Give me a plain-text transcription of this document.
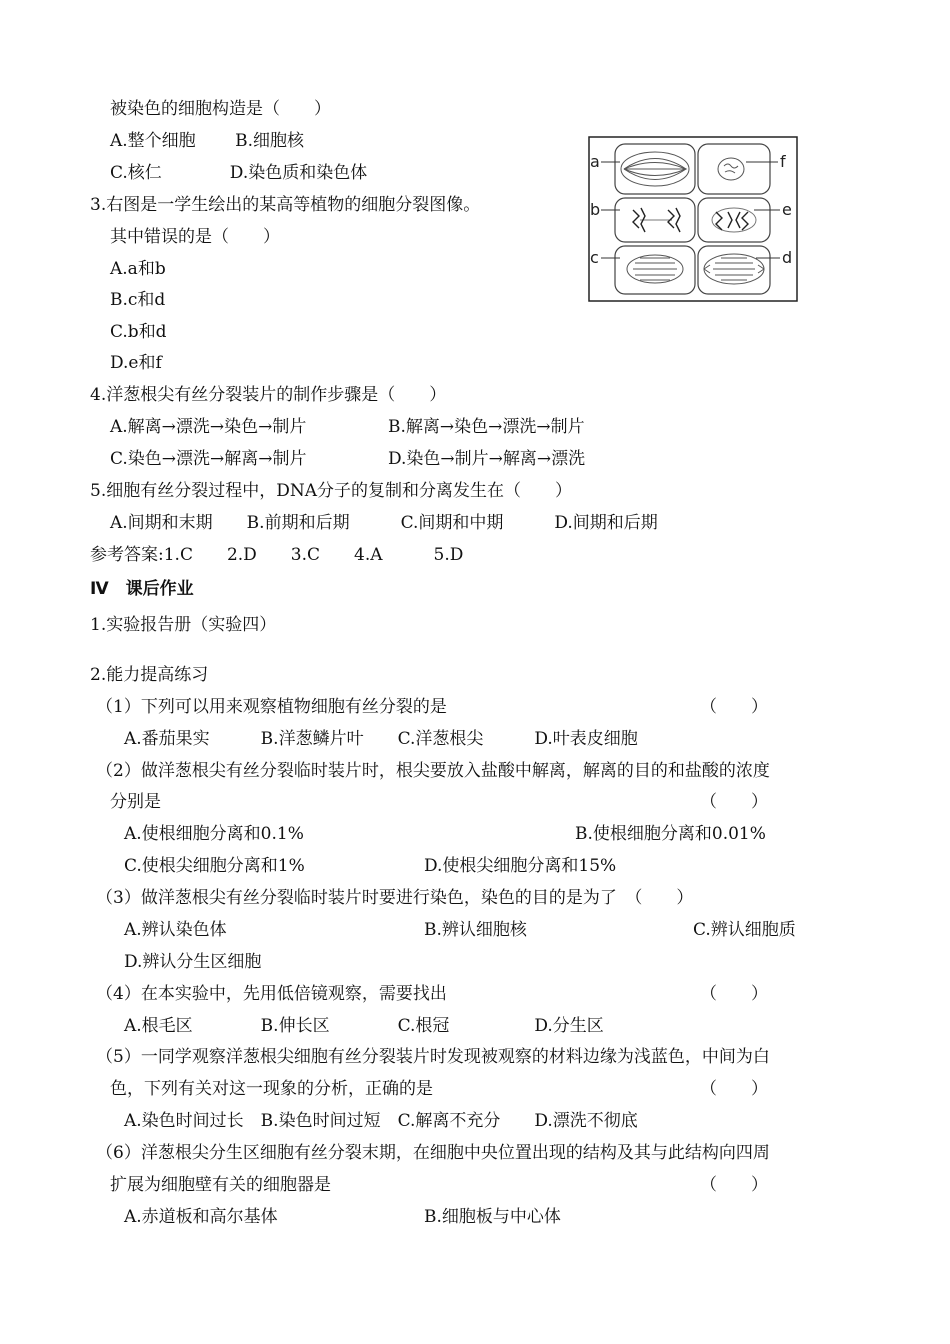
被染色的细胞构造是（　　）
A.整个细胞　　 B.细胞核
C.核仁　　　　D.染色质和染色体
3.右图是一学生绘出的某高等植物的细胞分裂图像。
其中错误的是（　　）
A.a和b
B.c和d
C.b和d
D.e和f
a
b
c
f
e
d
4.洋葱根尖有丝分裂装片的制作步骤是（　　）
A.解离→漂洗→染色→制片	B.解离→染色→漂洗→制片
C.染色→漂洗→解离→制片	D.染色→制片→解离→漂洗
5.细胞有丝分裂过程中，DNA分子的复制和分离发生在（　　）
A.间期和末期　　B.前期和后期　　　C.间期和中期　　　D.间期和后期
参考答案:1.C　　2.D　　3.C　　4.A　　　5.D
Ⅳ　课后作业
1.实验报告册（实验四）
2.能力提高练习
（1）下列可以用来观察植物细胞有丝分裂的是	（　　）
A.番茄果实　　　B.洋葱鳞片叶　　C.洋葱根尖　　　D.叶表皮细胞
（2）做洋葱根尖有丝分裂临时装片时，根尖要放入盐酸中解离，解离的目的和盐酸的浓度
分别是	（　　）
A.使根细胞分离和0.1%	B.使根细胞分离和0.01%
C.使根尖细胞分离和1%	D.使根尖细胞分离和15%
（3）做洋葱根尖有丝分裂临时装片时要进行染色，染色的目的是为了　（　　）
A.辨认染色体	B.辨认细胞核	C.辨认细胞质
D.辨认分生区细胞
（4）在本实验中，先用低倍镜观察，需要找出	（　　）
A.根毛区　　　　B.伸长区　　　　C.根冠　　　　　D.分生区
（5）一同学观察洋葱根尖细胞有丝分裂装片时发现被观察的材料边缘为浅蓝色，中间为白
色，下列有关对这一现象的分析，正确的是	（　　）
A.染色时间过长　B.染色时间过短　C.解离不充分　　D.漂洗不彻底
（6）洋葱根尖分生区细胞有丝分裂末期，在细胞中央位置出现的结构及其与此结构向四周
扩展为细胞壁有关的细胞器是	（　　）
A.赤道板和高尔基体	B.细胞板与中心体
